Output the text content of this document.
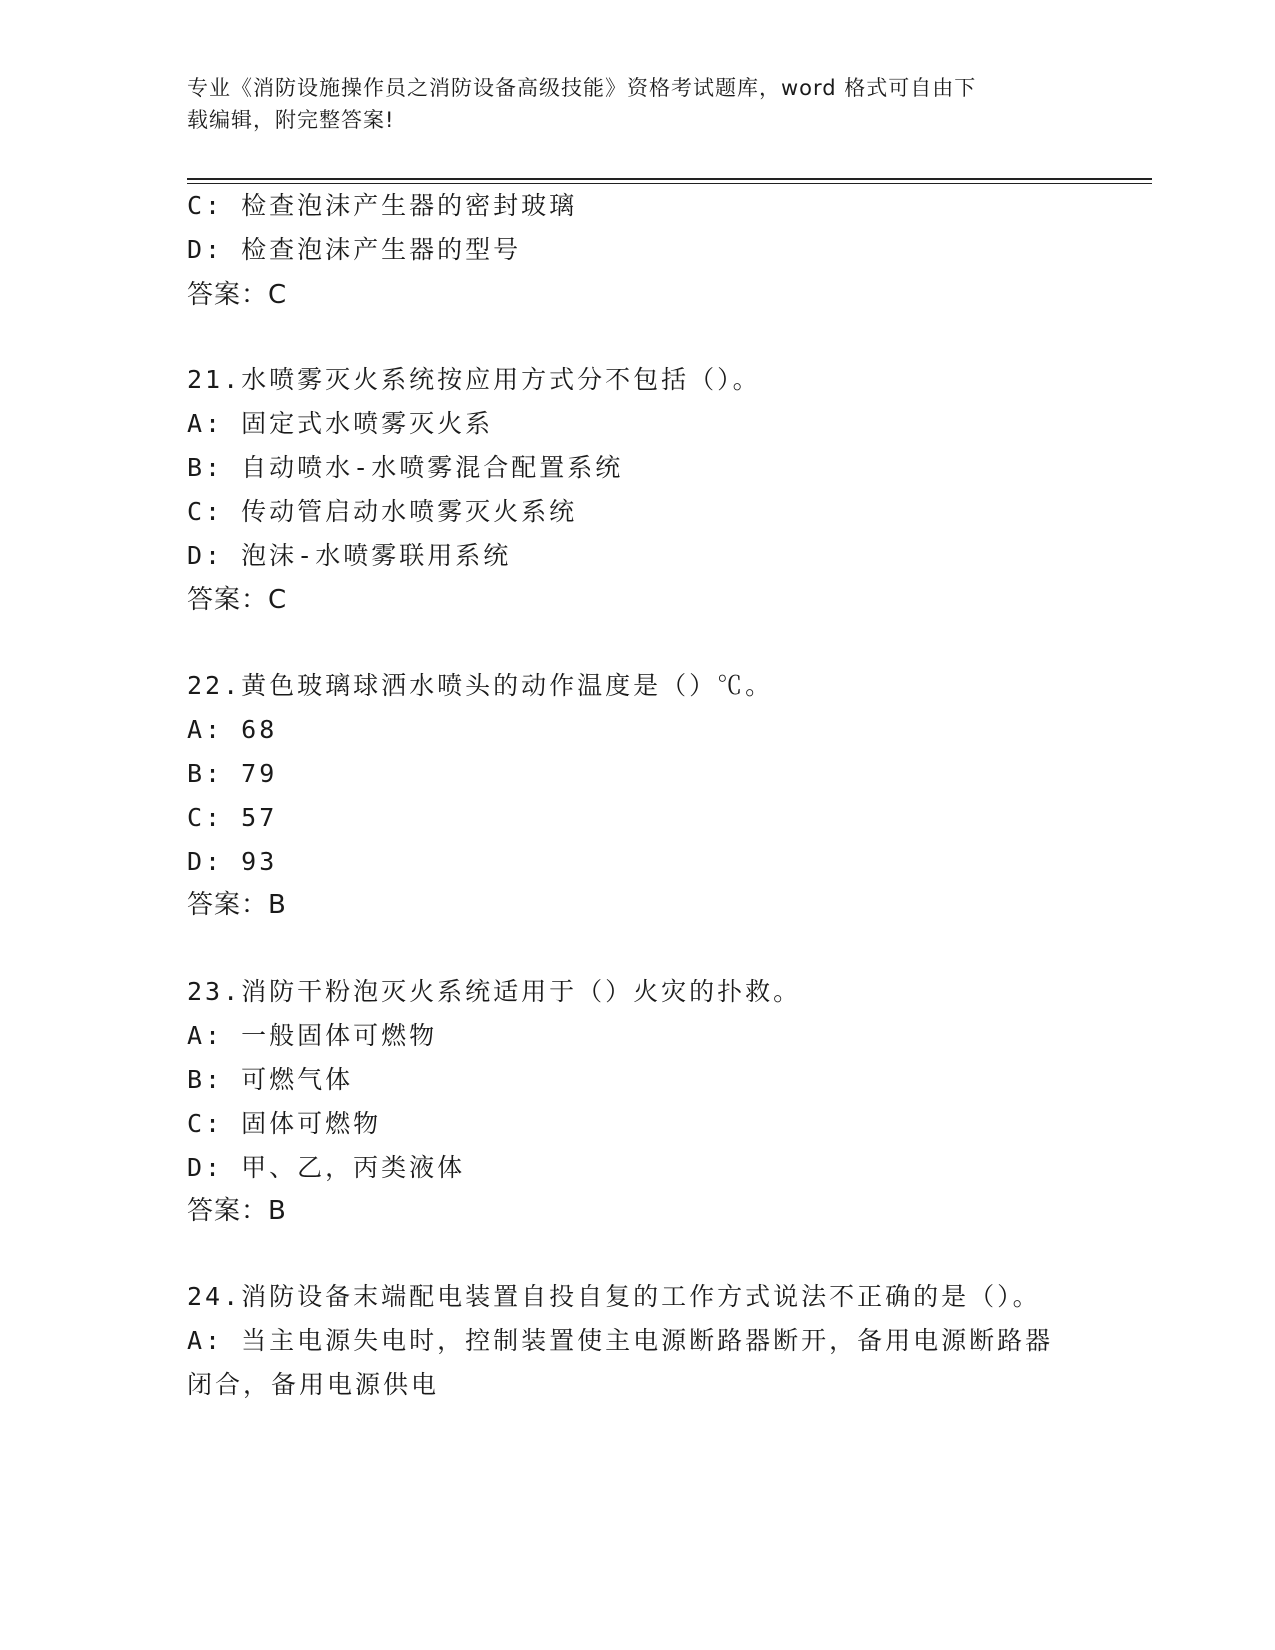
专业《消防设施操作员之消防设备高级技能》资格考试题库，word 格式可自由下
载编辑，附完整答案!
C: 检查泡沫产生器的密封玻璃
D: 检查泡沫产生器的型号
答案：C
21.水喷雾灭火系统按应用方式分不包括（）。
A: 固定式水喷雾灭火系
B: 自动喷水-水喷雾混合配置系统
C: 传动管启动水喷雾灭火系统
D: 泡沫-水喷雾联用系统
答案：C
22.黄色玻璃球洒水喷头的动作温度是（）℃。
A: 68
B: 79
C: 57
D: 93
答案：B
23.消防干粉泡灭火系统适用于（）火灾的扑救。
A: 一般固体可燃物
B: 可燃气体
C: 固体可燃物
D: 甲、乙，丙类液体
答案：B
24.消防设备末端配电装置自投自复的工作方式说法不正确的是（）。
A: 当主电源失电时，控制装置使主电源断路器断开，备用电源断路器
闭合，备用电源供电
